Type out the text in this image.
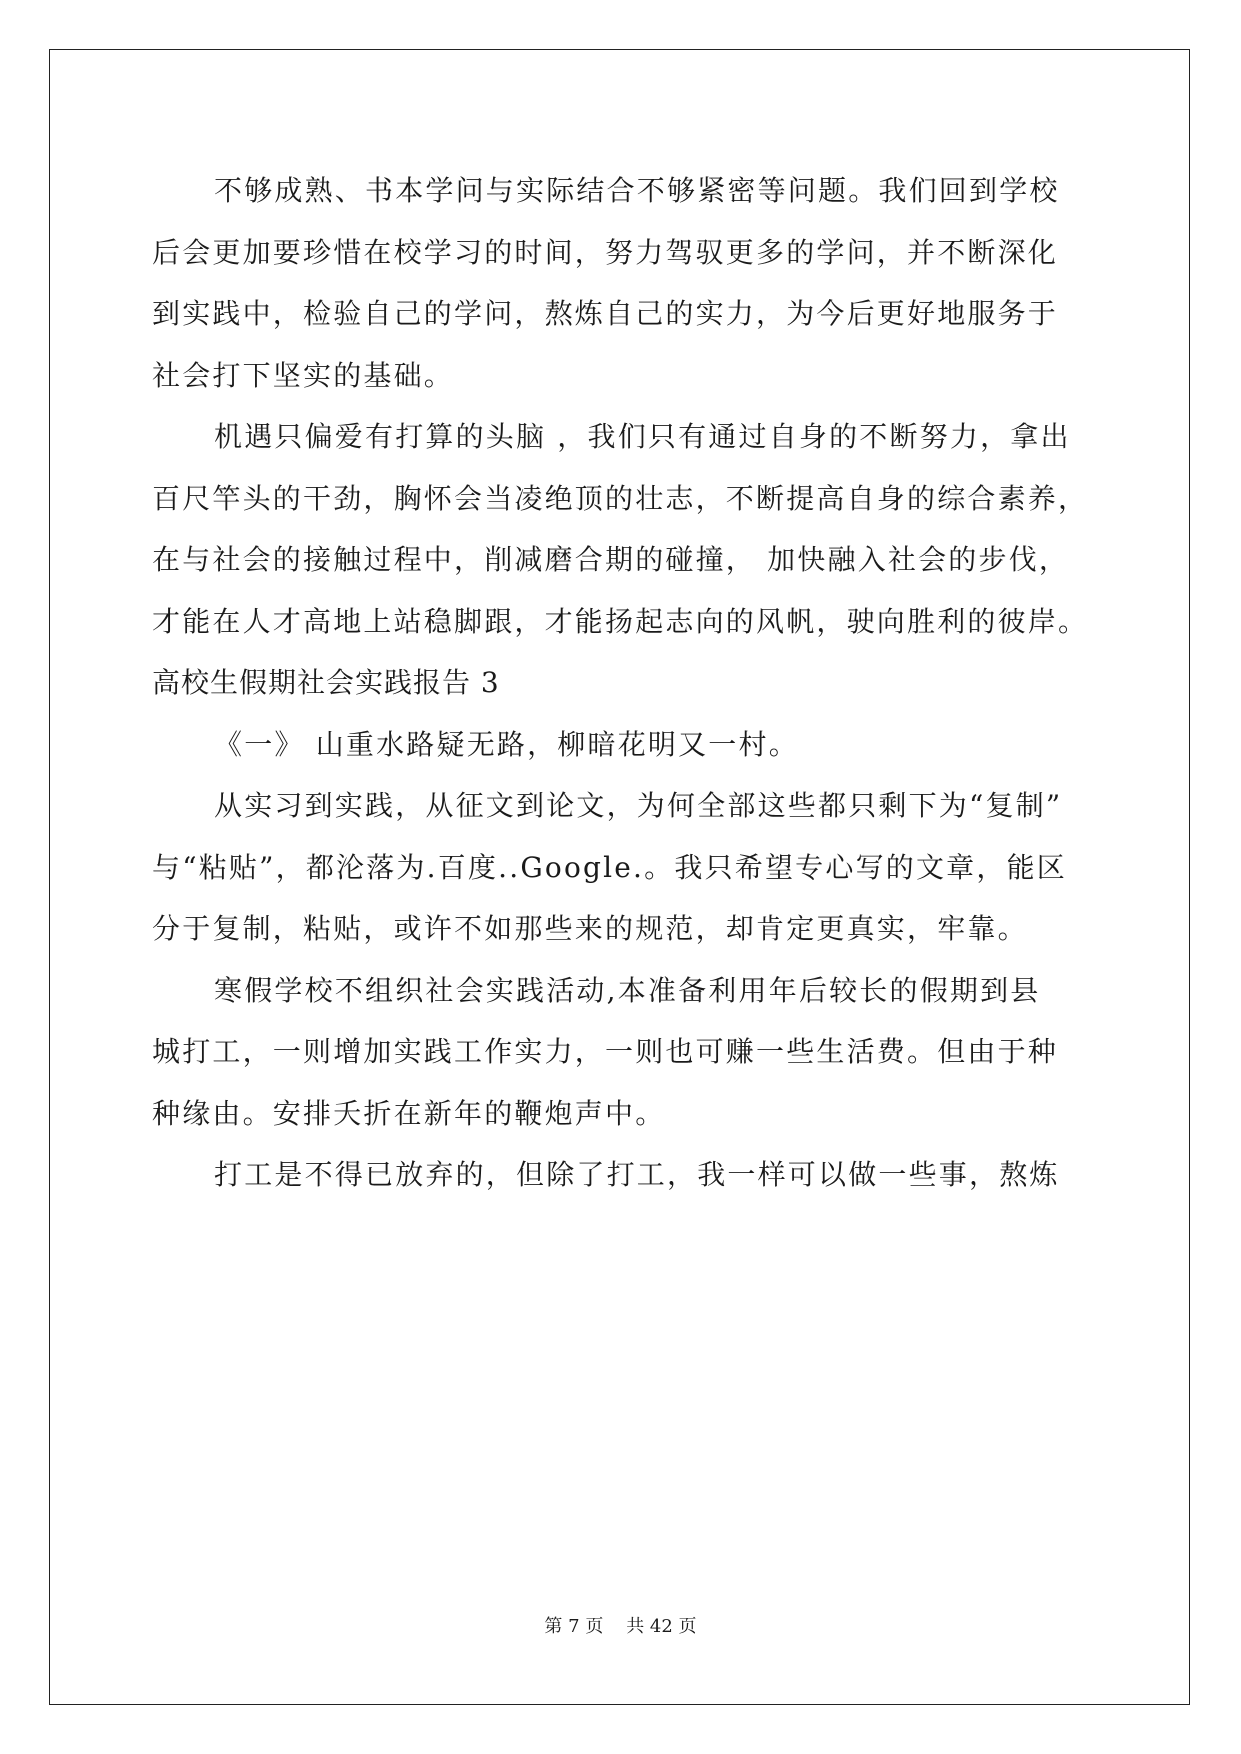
不够成熟、书本学问与实际结合不够紧密等问题。我们回到学校
后会更加要珍惜在校学习的时间，努力驾驭更多的学问，并不断深化
到实践中，检验自己的学问，熬炼自己的实力，为今后更好地服务于
社会打下坚实的基础。
机遇只偏爱有打算的头脑 ，我们只有通过自身的不断努力，拿出
百尺竿头的干劲，胸怀会当凌绝顶的壮志，不断提高自身的综合素养，
在与社会的接触过程中，削减磨合期的碰撞， 加快融入社会的步伐，
才能在人才高地上站稳脚跟，才能扬起志向的风帆，驶向胜利的彼岸。
高校生假期社会实践报告 3
《一》 山重水路疑无路，柳暗花明又一村。
从实习到实践，从征文到论文，为何全部这些都只剩下为“复制”
与“粘贴”，都沦落为.百度..Google.。我只希望专心写的文章，能区
分于复制，粘贴，或许不如那些来的规范，却肯定更真实，牢靠。
寒假学校不组织社会实践活动,本准备利用年后较长的假期到县
城打工，一则增加实践工作实力，一则也可赚一些生活费。但由于种
种缘由。安排夭折在新年的鞭炮声中。
打工是不得已放弃的，但除了打工，我一样可以做一些事，熬炼
第 7 页    共 42 页
